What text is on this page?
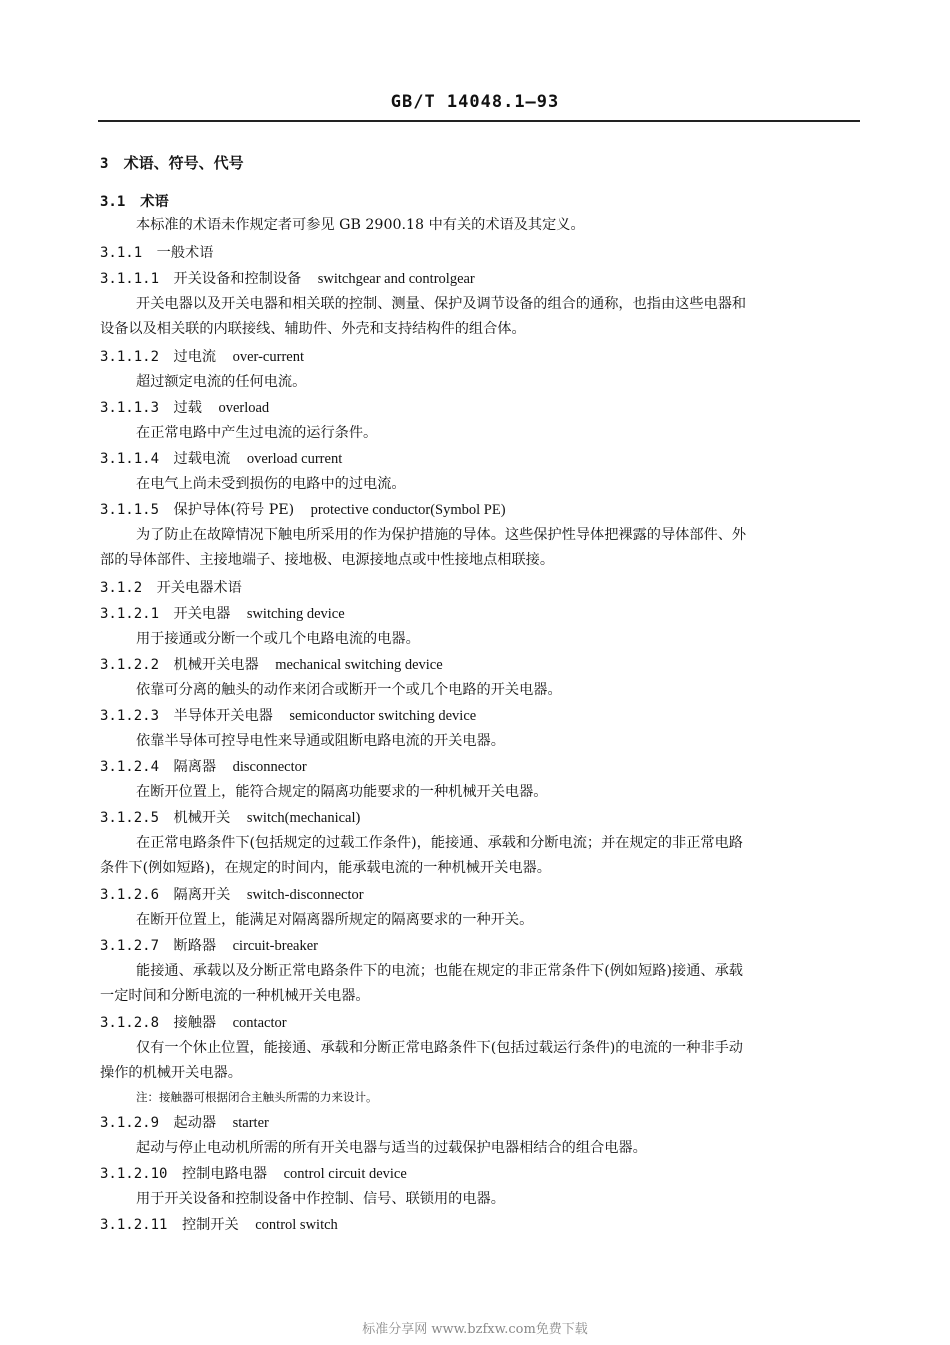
GB/T 14048.1—93
3 术语、符号、代号
3.1 术语
本标准的术语未作规定者可参见 GB 2900.18 中有关的术语及其定义。
3.1.1 一般术语
3.1.1.1 开关设备和控制设备 switchgear and controlgear
开关电器以及开关电器和相关联的控制、测量、保护及调节设备的组合的通称，也指由这些电器和
设备以及相关联的内联接线、辅助件、外壳和支持结构件的组合体。
3.1.1.2 过电流 over-current
超过额定电流的任何电流。
3.1.1.3 过载 overload
在正常电路中产生过电流的运行条件。
3.1.1.4 过载电流 overload current
在电气上尚未受到损伤的电路中的过电流。
3.1.1.5 保护导体(符号 PE) protective conductor(Symbol PE)
为了防止在故障情况下触电所采用的作为保护措施的导体。这些保护性导体把裸露的导体部件、外
部的导体部件、主接地端子、接地极、电源接地点或中性接地点相联接。
3.1.2 开关电器术语
3.1.2.1 开关电器 switching device
用于接通或分断一个或几个电路电流的电器。
3.1.2.2 机械开关电器 mechanical switching device
依靠可分离的触头的动作来闭合或断开一个或几个电路的开关电器。
3.1.2.3 半导体开关电器 semiconductor switching device
依靠半导体可控导电性来导通或阻断电路电流的开关电器。
3.1.2.4 隔离器 disconnector
在断开位置上，能符合规定的隔离功能要求的一种机械开关电器。
3.1.2.5 机械开关 switch(mechanical)
在正常电路条件下(包括规定的过载工作条件)，能接通、承载和分断电流；并在规定的非正常电路
条件下(例如短路)，在规定的时间内，能承载电流的一种机械开关电器。
3.1.2.6 隔离开关 switch-disconnector
在断开位置上，能满足对隔离器所规定的隔离要求的一种开关。
3.1.2.7 断路器 circuit-breaker
能接通、承载以及分断正常电路条件下的电流；也能在规定的非正常条件下(例如短路)接通、承载
一定时间和分断电流的一种机械开关电器。
3.1.2.8 接触器 contactor
仅有一个休止位置，能接通、承载和分断正常电路条件下(包括过载运行条件)的电流的一种非手动
操作的机械开关电器。
注：接触器可根据闭合主触头所需的力来设计。
3.1.2.9 起动器 starter
起动与停止电动机所需的所有开关电器与适当的过载保护电器相结合的组合电器。
3.1.2.10 控制电路电器 control circuit device
用于开关设备和控制设备中作控制、信号、联锁用的电器。
3.1.2.11 控制开关 control switch
标准分享网 www.bzfxw.com免费下载
